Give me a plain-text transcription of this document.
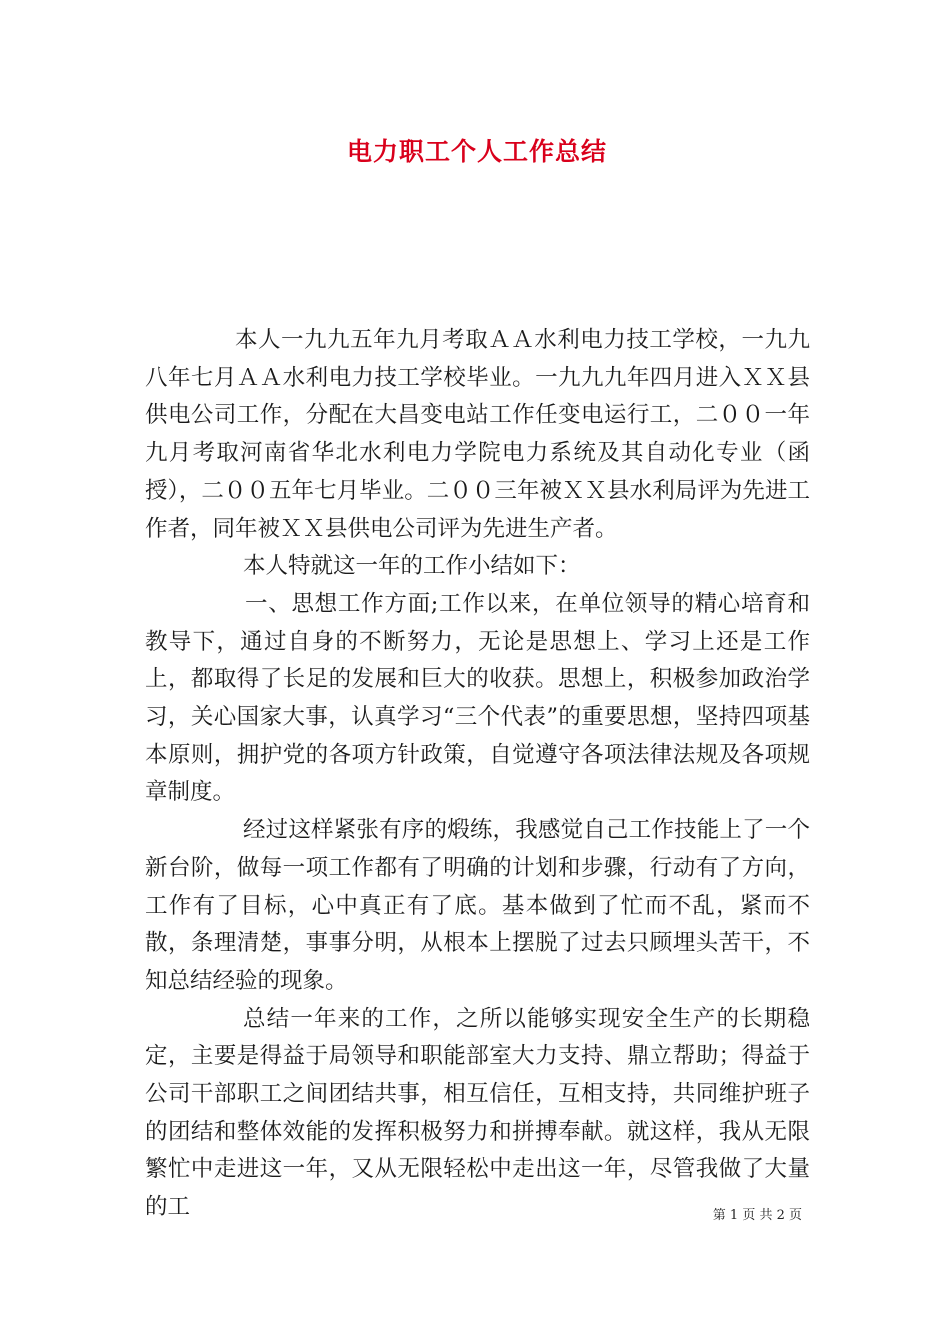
电力职工个人工作总结

本人一九九五年九月考取ＡＡ水利电力技工学校，一九九八年七月ＡＡ水利电力技工学校毕业。一九九九年四月进入ＸＸ县供电公司工作，分配在大昌变电站工作任变电运行工，二００一年九月考取河南省华北水利电力学院电力系统及其自动化专业（函授），二００五年七月毕业。二００三年被ＸＸ县水利局评为先进工作者，同年被ＸＸ县供电公司评为先进生产者。

本人特就这一年的工作小结如下：

一、思想工作方面;工作以来，在单位领导的精心培育和教导下，通过自身的不断努力，无论是思想上、学习上还是工作上，都取得了长足的发展和巨大的收获。思想上，积极参加政治学习，关心国家大事，认真学习“三个代表”的重要思想，坚持四项基本原则，拥护党的各项方针政策，自觉遵守各项法律法规及各项规章制度。

经过这样紧张有序的煅练，我感觉自己工作技能上了一个新台阶，做每一项工作都有了明确的计划和步骤，行动有了方向，工作有了目标，心中真正有了底。基本做到了忙而不乱，紧而不散，条理清楚，事事分明，从根本上摆脱了过去只顾埋头苦干，不知总结经验的现象。

总结一年来的工作，之所以能够实现安全生产的长期稳定，主要是得益于局领导和职能部室大力支持、鼎立帮助；得益于公司干部职工之间团结共事，相互信任，互相支持，共同维护班子的团结和整体效能的发挥积极努力和拼搏奉献。就这样，我从无限繁忙中走进这一年，又从无限轻松中走出这一年，尽管我做了大量的工	第 1 页 共 2 页
